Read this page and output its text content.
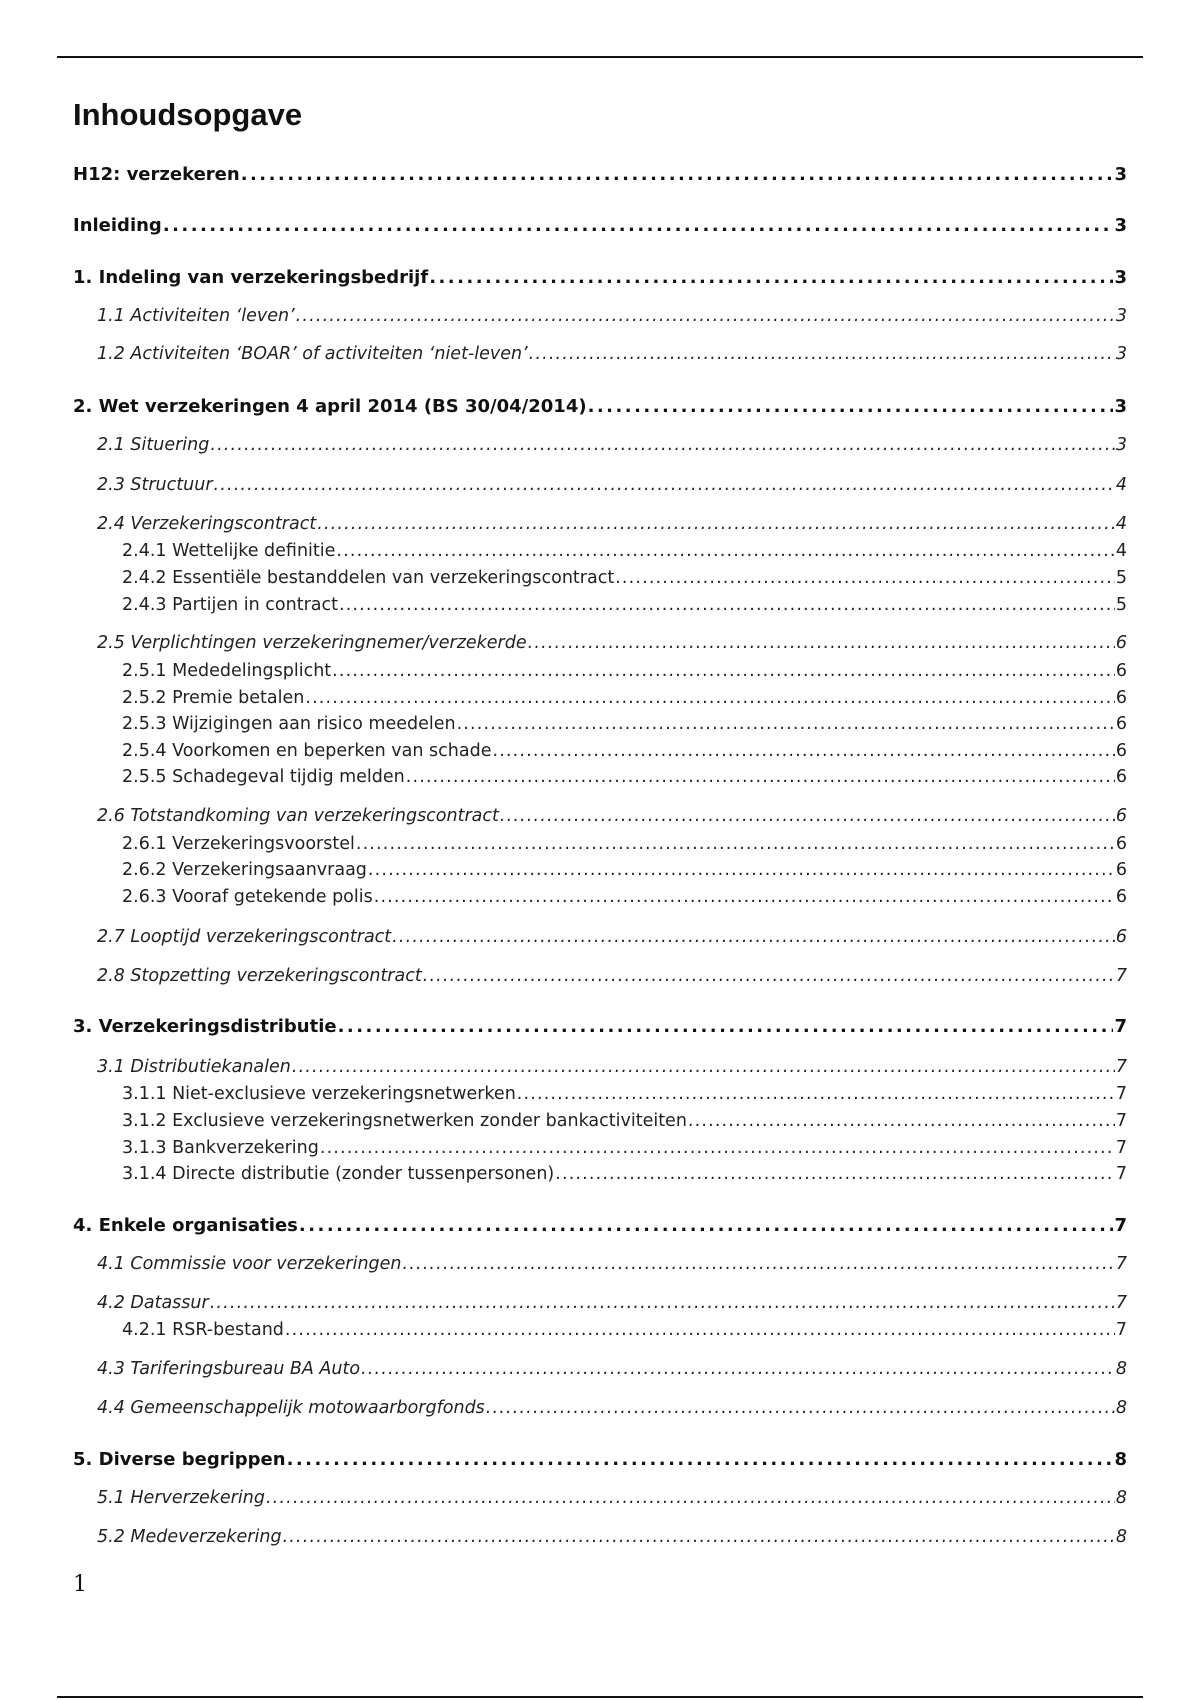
Inhoudsopgave
H12: verzekeren . . .	3
Inleiding . . .	3
1. Indeling van verzekeringsbedrijf . . .	3
1.1 Activiteiten ‘leven’ . . .	3
1.2 Activiteiten ‘BOAR’ of activiteiten ‘niet-leven’ . . .	3
2. Wet verzekeringen 4 april 2014 (BS 30/04/2014) . . .	3
2.1 Situering . . .	3
2.3 Structuur . . .	4
2.4 Verzekeringscontract . . .	4
2.4.1 Wettelijke definitie . . .	4
2.4.2 Essentiële bestanddelen van verzekeringscontract . . .	5
2.4.3 Partijen in contract . . .	5
2.5 Verplichtingen verzekeringnemer/verzekerde . . .	6
2.5.1 Mededelingsplicht . . .	6
2.5.2 Premie betalen . . .	6
2.5.3 Wijzigingen aan risico meedelen . . .	6
2.5.4 Voorkomen en beperken van schade . . .	6
2.5.5 Schadegeval tijdig melden . . .	6
2.6 Totstandkoming van verzekeringscontract . . .	6
2.6.1 Verzekeringsvoorstel . . .	6
2.6.2 Verzekeringsaanvraag . . .	6
2.6.3 Vooraf getekende polis . . .	6
2.7 Looptijd verzekeringscontract . . .	6
2.8 Stopzetting verzekeringscontract . . .	7
3. Verzekeringsdistributie . . .	7
3.1 Distributiekanalen . . .	7
3.1.1 Niet-exclusieve verzekeringsnetwerken . . .	7
3.1.2 Exclusieve verzekeringsnetwerken zonder bankactiviteiten . . .	7
3.1.3 Bankverzekering . . .	7
3.1.4 Directe distributie (zonder tussenpersonen) . . .	7
4. Enkele organisaties . . .	7
4.1 Commissie voor verzekeringen . . .	7
4.2 Datassur . . .	7
4.2.1 RSR-bestand . . .	7
4.3 Tariferingsbureau BA Auto . . .	8
4.4 Gemeenschappelijk motowaarborgfonds . . .	8
5. Diverse begrippen . . .	8
5.1 Herverzekering . . .	8
5.2 Medeverzekering . . .	8
1
